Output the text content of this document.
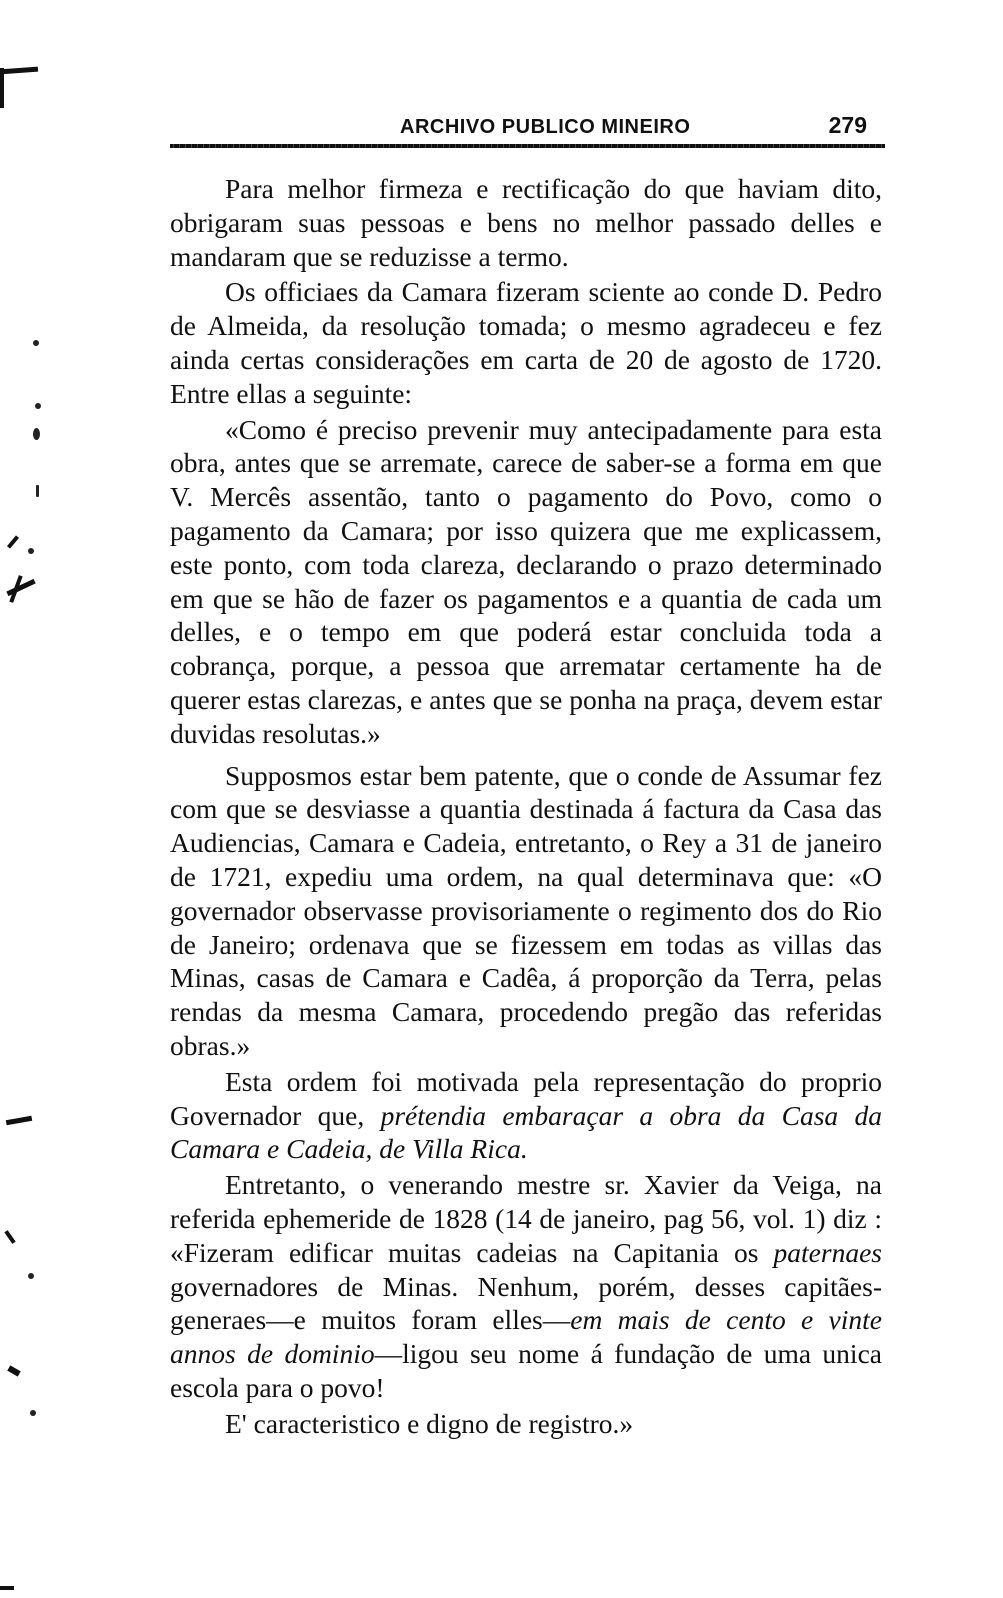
ARCHIVO PUBLICO MINEIRO	279

Para melhor firmeza e rectificação do que haviam dito, obrigaram suas pessoas e bens no melhor passado delles e mandaram que se reduzisse a termo.

Os officiaes da Camara fizeram sciente ao conde D. Pedro de Almeida, da resolução tomada; o mesmo agradeceu e fez ainda certas considerações em carta de 20 de agosto de 1720. Entre ellas a seguinte:

«Como é preciso prevenir muy antecipadamente para esta obra, antes que se arremate, carece de saber-se a forma em que V. Mercês assentão, tanto o pagamento do Povo, como o pagamento da Camara; por isso quizera que me explicassem, este ponto, com toda clareza, declarando o prazo determinado em que se hão de fazer os pagamentos e a quantia de cada um delles, e o tempo em que poderá estar concluida toda a cobrança, porque, a pessoa que arrematar certamente ha de querer estas clarezas, e antes que se ponha na praça, devem estar duvidas resolutas.»

Supposmos estar bem patente, que o conde de Assumar fez com que se desviasse a quantia destinada á factura da Casa das Audiencias, Camara e Cadeia, entretanto, o Rey a 31 de janeiro de 1721, expediu uma ordem, na qual determinava que: «O governador observasse provisoriamente o regimento dos do Rio de Janeiro; ordenava que se fizessem em todas as villas das Minas, casas de Camara e Cadêa, á proporção da Terra, pelas rendas da mesma Camara, procedendo pregão das referidas obras.»

Esta ordem foi motivada pela representação do proprio Governador que, prétendia embaraçar a obra da Casa da Camara e Cadeia, de Villa Rica.

Entretanto, o venerando mestre sr. Xavier da Veiga, na referida ephemeride de 1828 (14 de janeiro, pag 56, vol. 1) diz : «Fizeram edificar muitas cadeias na Capitania os paternaes governadores de Minas. Nenhum, porém, desses capitães-generaes—e muitos foram elles—em mais de cento e vinte annos de dominio—ligou seu nome á fundação de uma unica escola para o povo!

E' caracteristico e digno de registro.»
